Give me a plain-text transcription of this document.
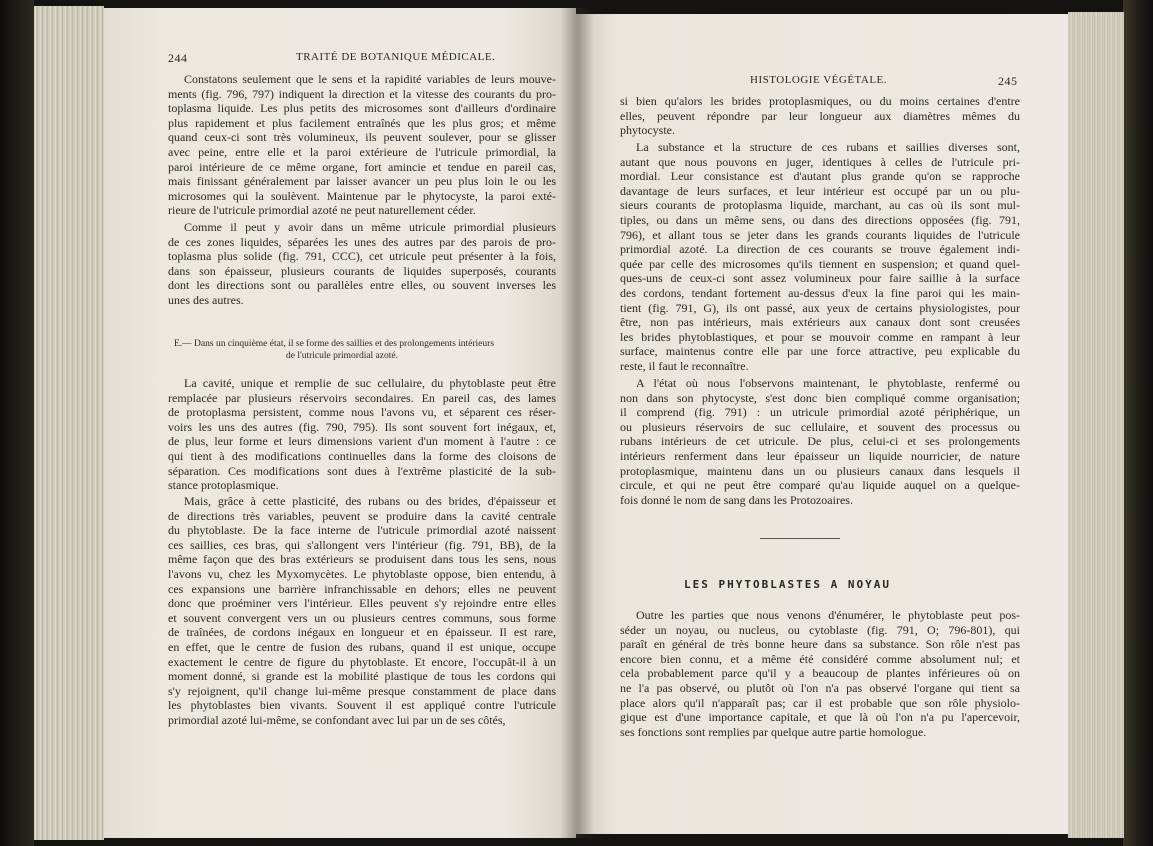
244	TRAITÉ DE BOTANIQUE MÉDICALE.
Constatons seulement que le sens et la rapidité variables de leurs mouve-
ments (fig. 796, 797) indiquent la direction et la vitesse des courants du pro-
toplasma liquide. Les plus petits des microsomes sont d'ailleurs d'ordinaire
plus rapidement et plus facilement entraînés que les plus gros; et même
quand ceux-ci sont très volumineux, ils peuvent soulever, pour se glisser
avec peine, entre elle et la paroi extérieure de l'utricule primordial, la
paroi intérieure de ce même organe, fort amincie et tendue en pareil cas,
mais finissant généralement par laisser avancer un peu plus loin le ou les
microsomes qui la soulèvent. Maintenue par le phytocyste, la paroi exté-
rieure de l'utricule primordial azoté ne peut naturellement céder.
Comme il peut y avoir dans un même utricule primordial plusieurs
de ces zones liquides, séparées les unes des autres par des parois de pro-
toplasma plus solide (fig. 791, CCC), cet utricule peut présenter à la fois,
dans son épaisseur, plusieurs courants de liquides superposés, courants
dont les directions sont ou parallèles entre elles, ou souvent inverses les
unes des autres.
E.— Dans un cinquième état, il se forme des saillies et des prolongements intérieurs
de l'utricule primordial azoté.
La cavité, unique et remplie de suc cellulaire, du phytoblaste peut être
remplacée par plusieurs réservoirs secondaires. En pareil cas, des lames
de protoplasma persistent, comme nous l'avons vu, et séparent ces réser-
voirs les uns des autres (fig. 790, 795). Ils sont souvent fort inégaux, et,
de plus, leur forme et leurs dimensions varient d'un moment à l'autre : ce
qui tient à des modifications continuelles dans la forme des cloisons de
séparation. Ces modifications sont dues à l'extrême plasticité de la sub-
stance protoplasmique.
Mais, grâce à cette plasticité, des rubans ou des brides, d'épaisseur et
de directions très variables, peuvent se produire dans la cavité centrale
du phytoblaste. De la face interne de l'utricule primordial azoté naissent
ces saillies, ces bras, qui s'allongent vers l'intérieur (fig. 791, BB), de la
même façon que des bras extérieurs se produisent dans tous les sens, nous
l'avons vu, chez les Myxomycètes. Le phytoblaste oppose, bien entendu, à
ces expansions une barrière infranchissable en dehors; elles ne peuvent
donc que proéminer vers l'intérieur. Elles peuvent s'y rejoindre entre elles
et souvent convergent vers un ou plusieurs centres communs, sous forme
de traînées, de cordons inégaux en longueur et en épaisseur. Il est rare,
en effet, que le centre de fusion des rubans, quand il est unique, occupe
exactement le centre de figure du phytoblaste. Et encore, l'occupât-il à un
moment donné, si grande est la mobilité plastique de tous les cordons qui
s'y rejoignent, qu'il change lui-même presque constamment de place dans
les phytoblastes bien vivants. Souvent il est appliqué contre l'utricule
primordial azoté lui-même, se confondant avec lui par un de ses côtés,
HISTOLOGIE VÉGÉTALE.	245
si bien qu'alors les brides protoplasmiques, ou du moins certaines d'entre
elles, peuvent répondre par leur longueur aux diamètres mêmes du
phytocyste.
La substance et la structure de ces rubans et saillies diverses sont,
autant que nous pouvons en juger, identiques à celles de l'utricule pri-
mordial. Leur consistance est d'autant plus grande qu'on se rapproche
davantage de leurs surfaces, et leur intérieur est occupé par un ou plu-
sieurs courants de protoplasma liquide, marchant, au cas où ils sont mul-
tiples, ou dans un même sens, ou dans des directions opposées (fig. 791,
796), et allant tous se jeter dans les grands courants liquides de l'utricule
primordial azoté. La direction de ces courants se trouve également indi-
quée par celle des microsomes qu'ils tiennent en suspension; et quand quel-
ques-uns de ceux-ci sont assez volumineux pour faire saillie à la surface
des cordons, tendant fortement au-dessus d'eux la fine paroi qui les main-
tient (fig. 791, G), ils ont passé, aux yeux de certains physiologistes, pour
être, non pas intérieurs, mais extérieurs aux canaux dont sont creusées
les brides phytoblastiques, et pour se mouvoir comme en rampant à leur
surface, maintenus contre elle par une force attractive, peu explicable du
reste, il faut le reconnaître.
A l'état où nous l'observons maintenant, le phytoblaste, renfermé ou
non dans son phytocyste, s'est donc bien compliqué comme organisation;
il comprend (fig. 791) : un utricule primordial azoté périphérique, un
ou plusieurs réservoirs de suc cellulaire, et souvent des processus ou
rubans intérieurs de cet utricule. De plus, celui-ci et ses prolongements
intérieurs renferment dans leur épaisseur un liquide nourricier, de nature
protoplasmique, maintenu dans un ou plusieurs canaux dans lesquels il
circule, et qui ne peut être comparé qu'au liquide auquel on a quelque-
fois donné le nom de sang dans les Protozoaires.
LES PHYTOBLASTES A NOYAU
Outre les parties que nous venons d'énumérer, le phytoblaste peut pos-
séder un noyau, ou nucleus, ou cytoblaste (fig. 791, O; 796-801), qui
paraît en général de très bonne heure dans sa substance. Son rôle n'est pas
encore bien connu, et a même été considéré comme absolument nul; et
cela probablement parce qu'il y a beaucoup de plantes inférieures où on
ne l'a pas observé, ou plutôt où l'on n'a pas observé l'organe qui tient sa
place alors qu'il n'apparaît pas; car il est probable que son rôle physiolo-
gique est d'une importance capitale, et que là où l'on n'a pu l'apercevoir,
ses fonctions sont remplies par quelque autre partie homologue.
